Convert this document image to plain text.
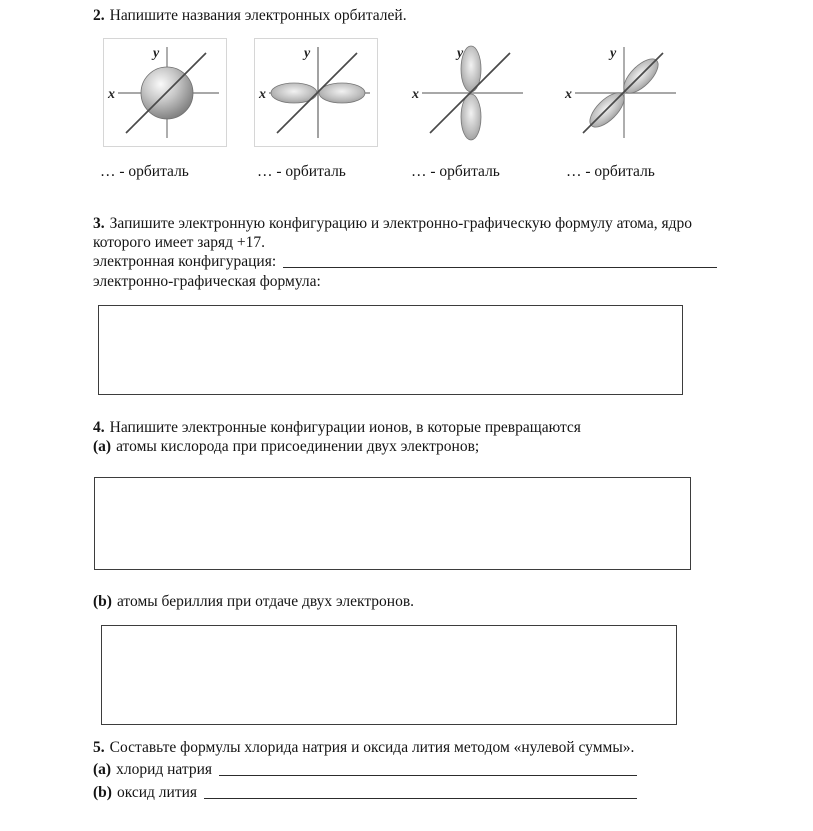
2. Напишите названия электронных орбиталей.
x
y
x
y
x
y
x
y
… - орбиталь	… - орбиталь	… - орбиталь	… - орбиталь
3. Запишите электронную конфигурацию и электронно-графическую формулу атома, ядро
которого имеет заряд +17.
электронная конфигурация:
электронно-графическая формула:
4. Напишите электронные конфигурации ионов, в которые превращаются
(a) атомы кислорода при присоединении двух электронов;
(b) атомы бериллия при отдаче двух электронов.
5. Составьте формулы хлорида натрия и оксида лития методом «нулевой суммы».
(a) хлорид натрия
(b) оксид лития
